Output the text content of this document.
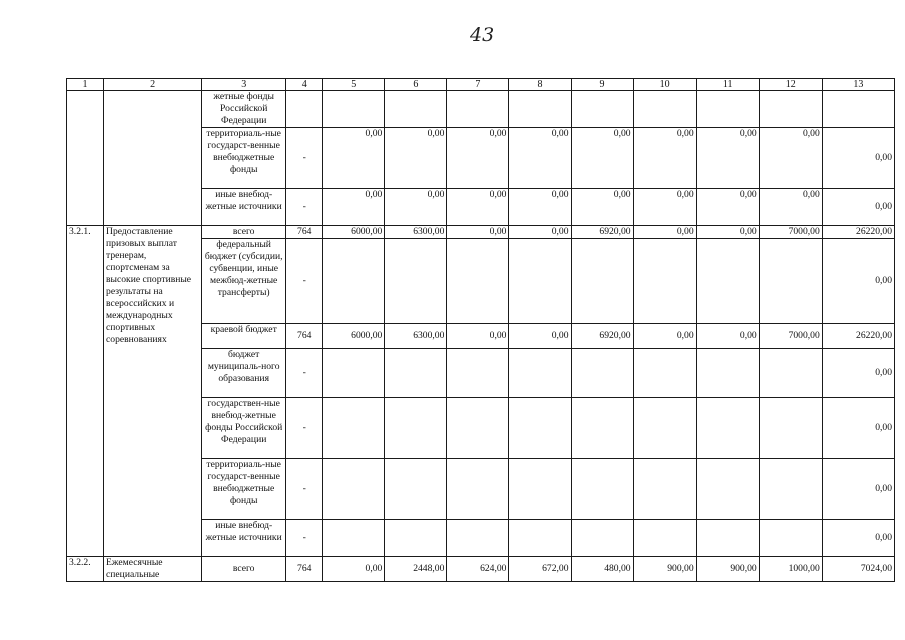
43
1	2	3	4	5	6	7	8	9	10	11	12	13
		жетные фонды Российской Федерации										
		территориаль-ные государст-венные внебюджетные фонды	-	0,00	0,00	0,00	0,00	0,00	0,00	0,00	0,00	0,00
		иные внебюд-жетные источники	-	0,00	0,00	0,00	0,00	0,00	0,00	0,00	0,00	0,00
3.2.1.	Предоставление призовых выплат тренерам, спортсменам за высокие спортивные результаты на всероссийских и международных спортивных соревнованиях	всего	764	6000,00	6300,00	0,00	0,00	6920,00	0,00	0,00	7000,00	26220,00
		федеральный бюджет (субсидии, субвенции, иные межбюд-жетные трансферты)	-									0,00
		краевой бюджет	764	6000,00	6300,00	0,00	0,00	6920,00	0,00	0,00	7000,00	26220,00
		бюджет муниципаль-ного образования	-									0,00
		государствен-ные внебюд-жетные фонды Российской Федерации	-									0,00
		территориаль-ные государст-венные внебюджетные фонды	-									0,00
		иные внебюд-жетные источники	-									0,00
3.2.2.	Ежемесячные специальные	всего	764	0,00	2448,00	624,00	672,00	480,00	900,00	900,00	1000,00	7024,00
